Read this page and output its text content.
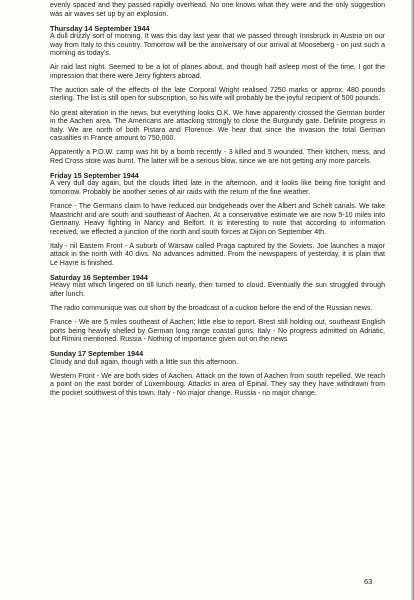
evenly spaced and they passed rapidly overhead. No one knows what they were and the only suggestion was air waves set up by an explosion.

Thursday 14 September 1944

A dull drizzly sort of morning. It was this day last year that we passed through Innsbruck in Austria on our way from Italy to this country. Tomorrow will be the anniversary of our arrival at Mooseberg - on just such a morning as today's.

Air raid last night. Seemed to be a lot of planes about, and though half asleep most of the time, I got the impression that there were Jerry fighters abroad.

The auction sale of the effects of the late Corporal Wright realised 7250 marks or approx. 480 pounds sterling. The list is still open for subscription, so his wife will probably be the joyful recipient of 500 pounds.

No great alteration in the news, but everything looks O.K. We have apparently crossed the German border in the Aachen area. The Americans are attacking strongly to close the Burgundy gate. Definite progress in Italy. We are north of both Pistara and Florence. We hear that since the invasion the total German casualties in France amount to 750,000.

Apparently a P.O.W. camp was hit by a bomb recently - 3 killed and 5 wounded. Their kitchen, mess, and Red Cross store was burnt. The latter will be a serious blow, since we are not getting any more parcels.

Friday 15 September 1944

A very dull day again, but the clouds lifted late in the afternoon, and it looks like being fine tonight and tomorrow. Probably be another series of air raids with the return of the fine weather.

France - The Germans claim to have reduced our bridgeheads over the Albert and Schelt canals. We take Maastricht and are south and southeast of Aachen. At a conservative estimate we are now 5-10 miles into Germany. Heavy fighting in Nancy and Belfort. It is interesting to note that according to information received, we effected a junction of the north and south forces at Dijon on September 4th.

Italy - nil Eastern Front - A suburb of Warsaw called Praga captured by the Soviets. Joe launches a major attack in the north with 40 divs. No advances admitted. From the newspapers of yesterday, it is plain that Le Havre is finished.

Saturday 16 September 1944

Heavy mist which lingered on till lunch nearly, then turned to cloud. Eventually the sun struggled through after lunch.

The radio communique was cut short by the broadcast of a cuckoo before the end of the Russian news.

France - We are 5 miles southeast of Aachen; little else to report. Brest still holding out, southeast English ports being heavily shelled by German long range coastal guns. Italy - No progress admitted on Adriatic, but Rimini mentioned. Russia - Nothing of importance given out on the news

Sunday 17 September 1944

Cloudy and dull again, though with a little sun this afternoon.

Western Front - We are both sides of Aachen. Attack on the town of Aachen from south repelled. We reach a point on the east border of Luxembourg. Attacks in area of Epinal. They say they have withdrawn from the pocket southwest of this town. Italy - No major change. Russia - no major change.

63
